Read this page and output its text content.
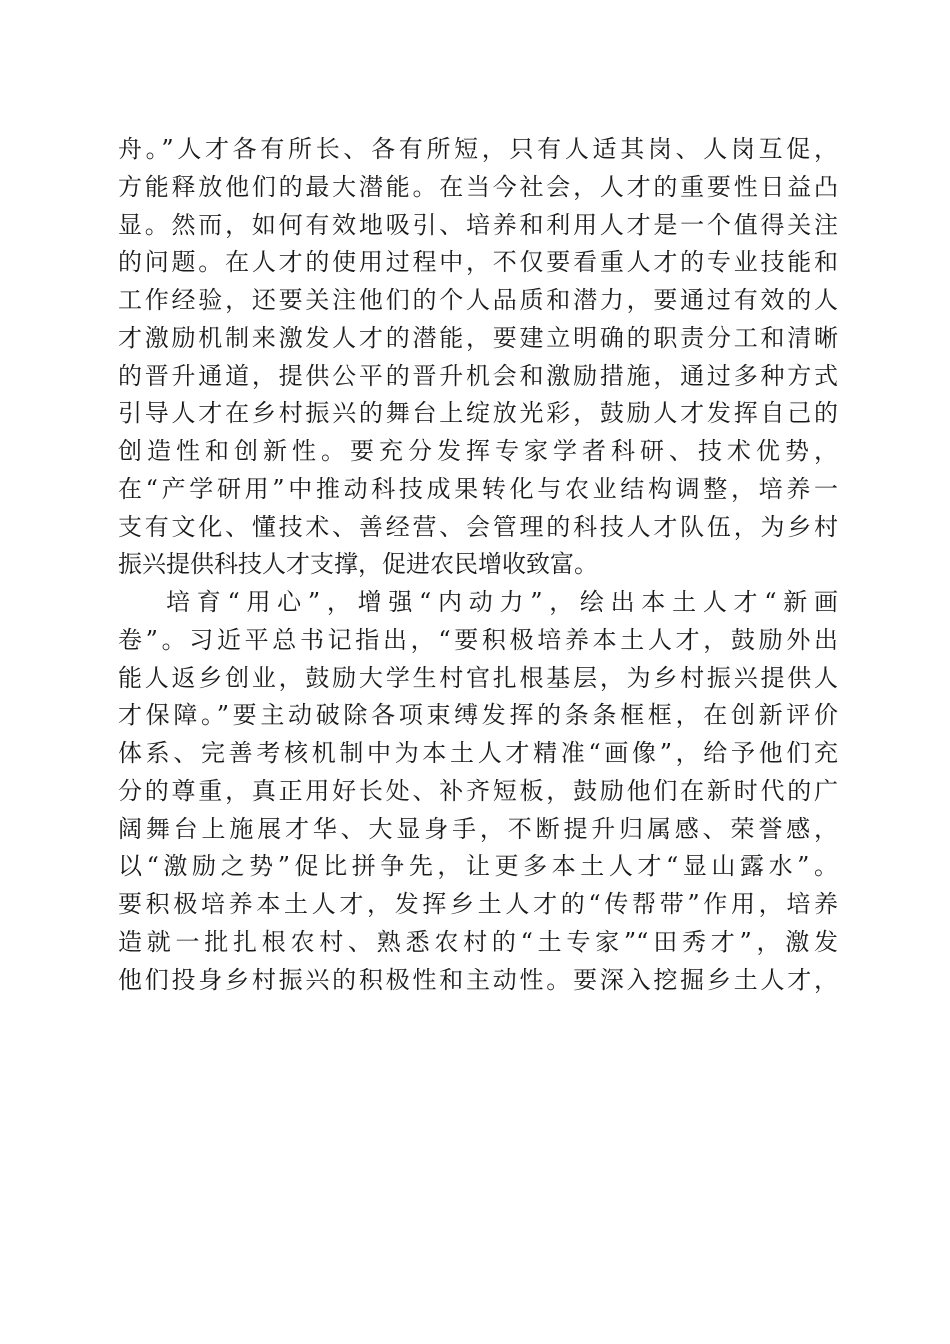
舟。”人才各有所长、各有所短，只有人适其岗、人岗互促，
方能释放他们的最大潜能。在当今社会，人才的重要性日益凸
显。然而，如何有效地吸引、培养和利用人才是一个值得关注
的问题。在人才的使用过程中，不仅要看重人才的专业技能和
工作经验，还要关注他们的个人品质和潜力，要通过有效的人
才激励机制来激发人才的潜能，要建立明确的职责分工和清晰
的晋升通道，提供公平的晋升机会和激励措施，通过多种方式
引导人才在乡村振兴的舞台上绽放光彩，鼓励人才发挥自己的
创造性和创新性。要充分发挥专家学者科研、技术优势，
在“产学研用”中推动科技成果转化与农业结构调整，培养一
支有文化、懂技术、善经营、会管理的科技人才队伍，为乡村
振兴提供科技人才支撑，促进农民增收致富。
培育“用心”，增强“内动力”，绘出本土人才“新画
卷”。习近平总书记指出，“要积极培养本土人才，鼓励外出
能人返乡创业，鼓励大学生村官扎根基层，为乡村振兴提供人
才保障。”要主动破除各项束缚发挥的条条框框，在创新评价
体系、完善考核机制中为本土人才精准“画像”，给予他们充
分的尊重，真正用好长处、补齐短板，鼓励他们在新时代的广
阔舞台上施展才华、大显身手，不断提升归属感、荣誉感，
以“激励之势”促比拼争先，让更多本土人才“显山露水”。
要积极培养本土人才，发挥乡土人才的“传帮带”作用，培养
造就一批扎根农村、熟悉农村的“土专家”“田秀才”，激发
他们投身乡村振兴的积极性和主动性。要深入挖掘乡土人才，
